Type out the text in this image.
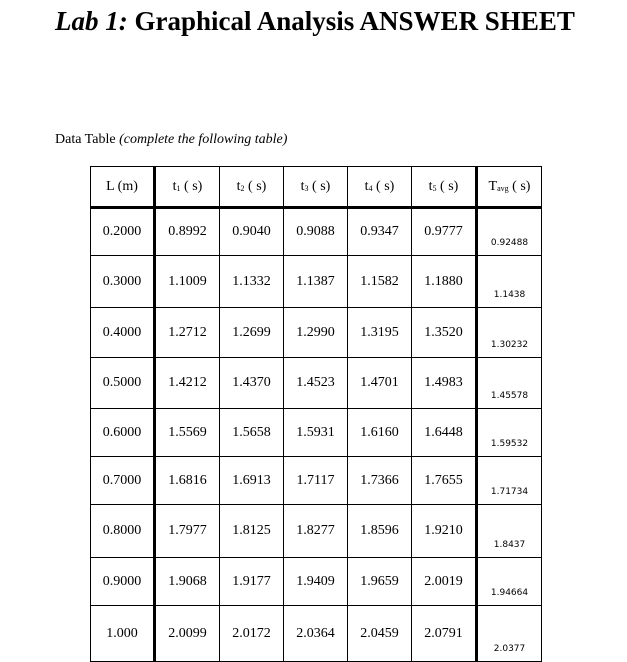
Lab 1: Graphical Analysis ANSWER SHEET
Data Table (complete the following table)
L (m)	$t_1$ ( s)	$t_2$ ( s)	$t_3$ ( s)	$t_4$ ( s)	$t_5$ ( s)	$T_{avg}$ ( s)
0.2000	0.8992	0.9040	0.9088	0.9347	0.9777	0.92488
0.3000	1.1009	1.1332	1.1387	1.1582	1.1880	1.1438
0.4000	1.2712	1.2699	1.2990	1.3195	1.3520	1.30232
0.5000	1.4212	1.4370	1.4523	1.4701	1.4983	1.45578
0.6000	1.5569	1.5658	1.5931	1.6160	1.6448	1.59532
0.7000	1.6816	1.6913	1.7117	1.7366	1.7655	1.71734
0.8000	1.7977	1.8125	1.8277	1.8596	1.9210	1.8437
0.9000	1.9068	1.9177	1.9409	1.9659	2.0019	1.94664
1.000	2.0099	2.0172	2.0364	2.0459	2.0791	2.0377
